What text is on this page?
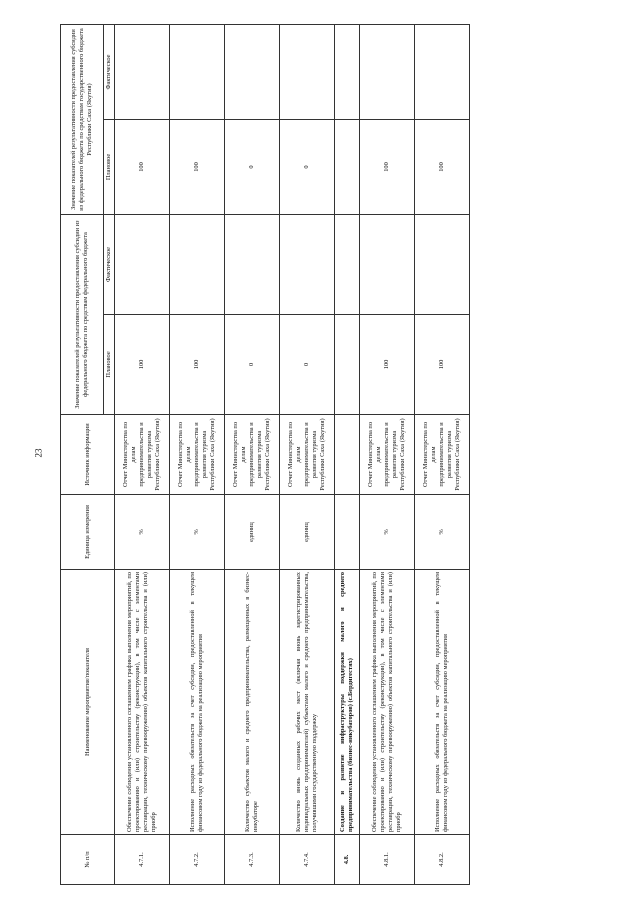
23
№ п/п	Наименование мероприятия/показателя	Единица измерения	Источник информации	Значение показателей результативности предоставления субсидии из федерального бюджета по средствам федерального бюджета		Значение показателей результативности предоставления субсидии из федерального бюджета по средствам государственного бюджета Республики Саха (Якутия)	
				Плановое	Фактическое	Плановое	Фактическое
4.7.1.	Обеспечение соблюдения установленного соглашением графика выполнения мероприятий, по проектированию и (или) строительству (реконструкции), в том числе с элементами реставрации, техническому перевооружению) объектов капитального строительства и (или) приобр	%	Отчет Министерства по делам предпринимательства и развития туризма Республики Саха (Якутия)	100		100	
4.7.2.	Исполнение расходных обязательств за счет субсидии, предоставленной в текущем финансовом году из федерального бюджета на реализацию мероприятия	%	Отчет Министерства по делам предпринимательства и развития туризма Республики Саха (Якутия)	100		100	
4.7.3.	Количество субъектов малого и среднего предпринимательства, размещенных в бизнес-инкубаторе	единиц	Отчет Министерства по делам предпринимательства и развития туризма Республики Саха (Якутия)	0		0	
4.7.4.	Количество вновь созданных рабочих мест (включая вновь зарегистрированных индивидуальных предпринимателей) субъектами малого и среднего предпринимательства, получившими государственную поддержку	единиц	Отчет Министерства по делам предпринимательства и развития туризма Республики Саха (Якутия)	0		0	
4.8.	Создание и развитие инфраструктуры поддержки малого и среднего предпринимательства (бизнес-инкубаторов) (с.Бердигестях)						
4.8.1.	Обеспечение соблюдения установленного соглашением графика выполнения мероприятий, по проектированию и (или) строительству (реконструкции), в том числе с элементами реставрации, техническому перевооружению) объектов капитального строительства и (или) приобр	%	Отчет Министерства по делам предпринимательства и развития туризма Республики Саха (Якутия)	100		100	
4.8.2.	Исполнение расходных обязательств за счет субсидии, предоставленной в текущем финансовом году из федерального бюджета на реализацию мероприятия	%	Отчет Министерства по делам предпринимательства и развития туризма Республики Саха (Якутия)	100		100	
